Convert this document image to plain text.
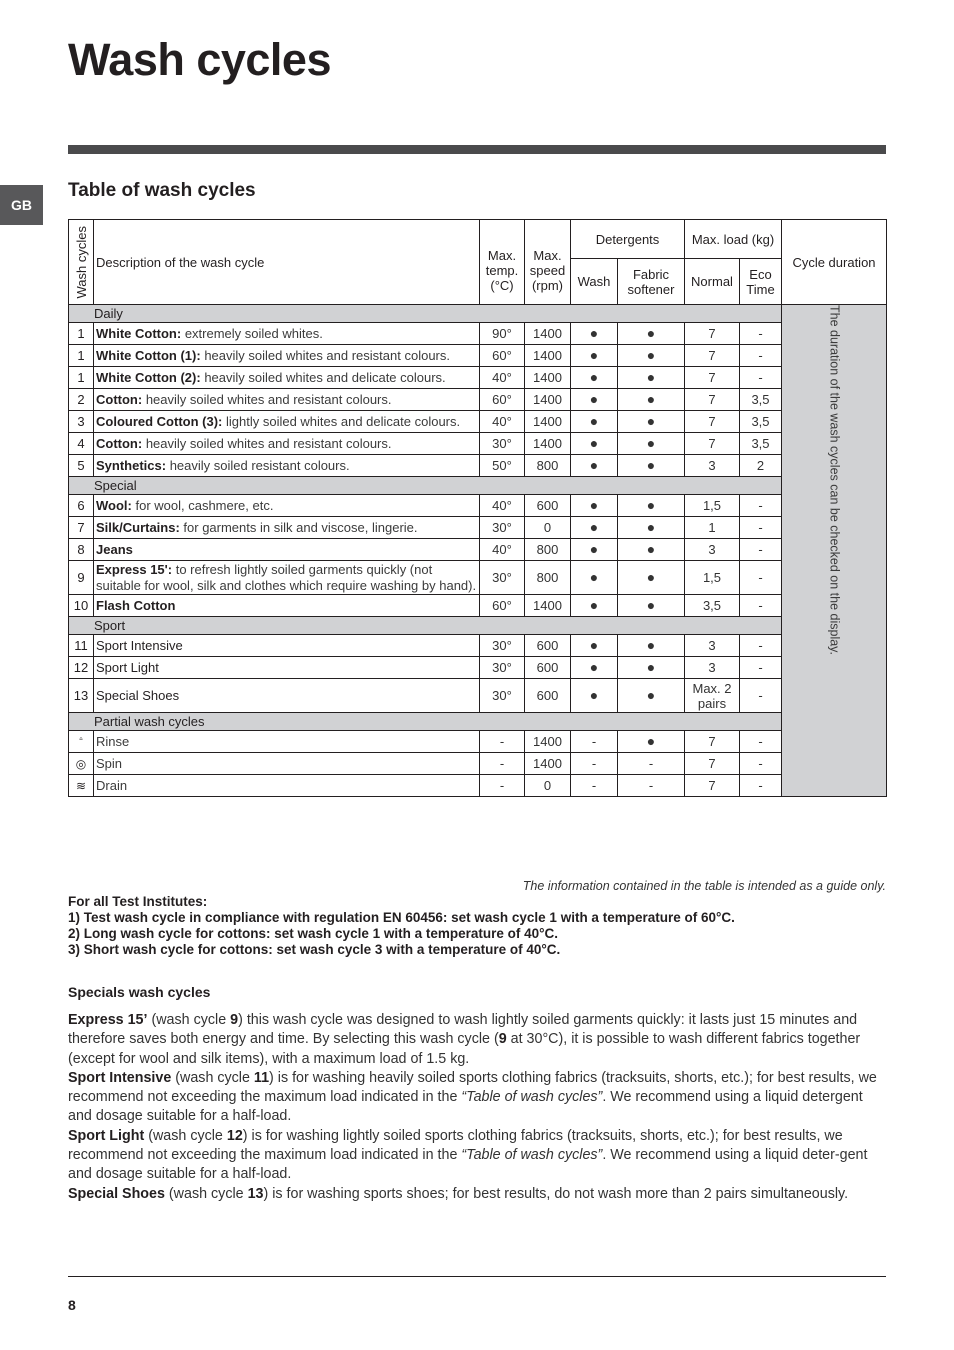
Wash cycles
GB
Table of wash cycles
Wash cycles	Description of the wash cycle	Max. temp. (°C)	Max. speed (rpm)	Detergents		Max. load (kg)		Cycle duration
				Wash	Fabric softener	Normal	Eco Time	
Daily								The duration of the wash cycles can be checked on the display.

1	White Cotton: extremely soiled whites.	90°	1400	●	●	7	-	
1	White Cotton (1): heavily soiled whites and resistant colours.	60°	1400	●	●	7	-	
1	White Cotton (2): heavily soiled whites and delicate colours.	40°	1400	●	●	7	-	
2	Cotton: heavily soiled whites and resistant colours.	60°	1400	●	●	7	3,5	
3	Coloured Cotton (3): lightly soiled whites and delicate colours.	40°	1400	●	●	7	3,5	
4	Cotton: heavily soiled whites and resistant colours.	30°	1400	●	●	7	3,5	
5	Synthetics: heavily soiled resistant colours.	50°	800	●	●	3	2	
Special								
6	Wool: for wool, cashmere, etc.	40°	600	●	●	1,5	-	
7	Silk/Curtains: for garments in silk and viscose, lingerie.	30°	0	●	●	1	-	
8	Jeans	40°	800	●	●	3	-	
9	Express 15': to refresh lightly soiled garments quickly (not suitable for wool, silk and clothes which require washing by hand).	30°	800	●	●	1,5	-	
10	Flash Cotton	60°	1400	●	●	3,5	-	
Sport								
11	Sport Intensive	30°	600	●	●	3	-	
12	Sport Light	30°	600	●	●	3	-	
13	Special Shoes	30°	600	●	●	Max. 2 pairs	-	
Partial wash cycles								
	Rinse	-	1400	-	●	7	-	
◎	Spin	-	1400	-	-	7	-	
≋	Drain	-	0	-	-	7	-	

The information contained in the table is intended as a guide only.

For all Test Institutes:

1) Test wash cycle in compliance with regulation EN 60456: set wash cycle 1 with a temperature of 60°C.

2) Long wash cycle for cottons: set wash cycle 1 with a temperature of 40°C.

3) Short wash cycle for cottons: set wash cycle 3 with a temperature of 40°C.

Specials wash cycles

Express 15’ (wash cycle 9) this wash cycle was designed to wash lightly soiled garments quickly: it lasts just 15 minutes and therefore saves both energy and time. By selecting this wash cycle (9 at 30°C), it is possible to wash different fabrics together (except for wool and silk items), with a maximum load of 1.5 kg.

Sport Intensive (wash cycle 11) is for washing heavily soiled sports clothing fabrics (tracksuits, shorts, etc.); for best results, we recommend not exceeding the maximum load indicated in the “Table of wash cycles”. We recommend using a liquid detergent and dosage suitable for a half-load.

Sport Light (wash cycle 12) is for washing lightly soiled sports clothing fabrics (tracksuits, shorts, etc.); for best results, we recommend not exceeding the maximum load indicated in the “Table of wash cycles”. We recommend using a liquid deter-gent and dosage suitable for a half-load.

Special Shoes (wash cycle 13) is for washing sports shoes; for best results, do not wash more than 2 pairs simultaneously.

8
